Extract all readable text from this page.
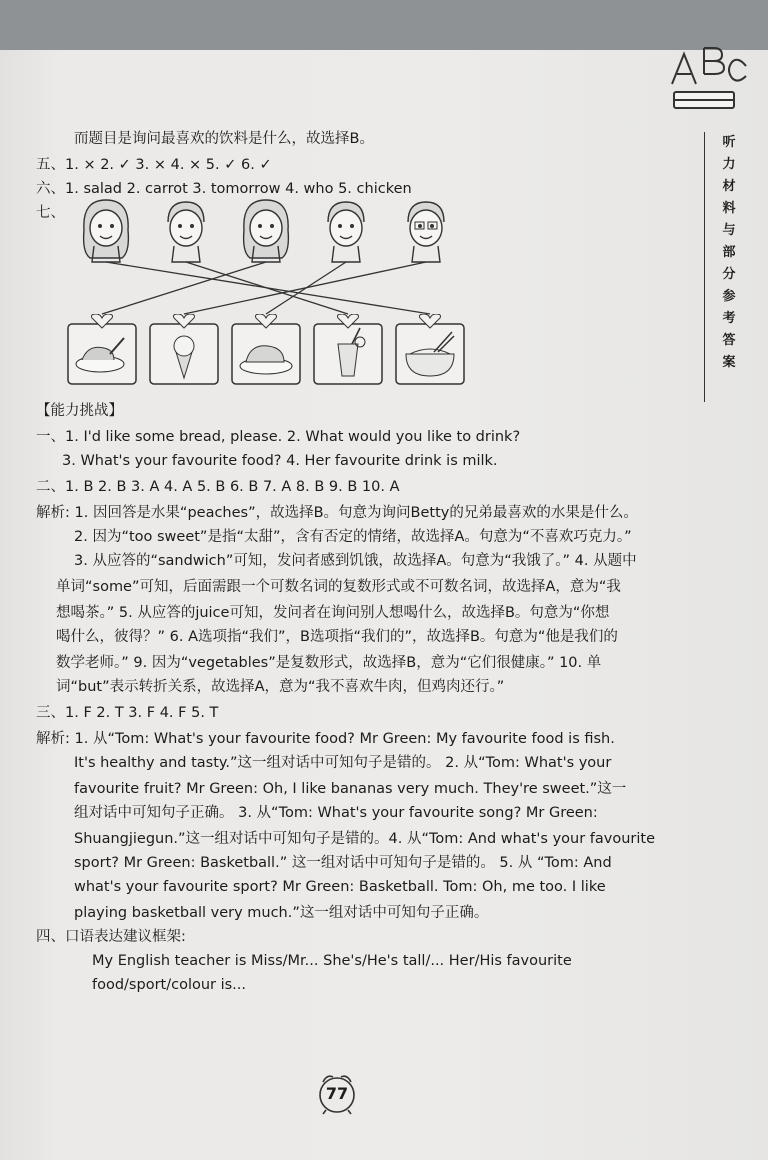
听
力
材
料
与
部
分
参
考
答
案
而题目是询问最喜欢的饮料是什么，故选择B。
五、1. × 2. ✓ 3. × 4. × 5. ✓ 6. ✓
六、1. salad 2. carrot 3. tomorrow 4. who 5. chicken
七、
【能力挑战】
一、1. I'd like some bread, please. 2. What would you like to drink?
3. What's your favourite food? 4. Her favourite drink is milk.
二、1. B 2. B 3. A 4. A 5. B 6. B 7. A 8. B 9. B 10. A
解析: 1. 因回答是水果“peaches”，故选择B。句意为询问Betty的兄弟最喜欢的水果是什么。
2. 因为“too sweet”是指“太甜”，含有否定的情绪，故选择A。句意为“不喜欢巧克力。”
3. 从应答的“sandwich”可知，发问者感到饥饿，故选择A。句意为“我饿了。” 4. 从题中
单词“some”可知，后面需跟一个可数名词的复数形式或不可数名词，故选择A，意为“我
想喝茶。” 5. 从应答的juice可知，发问者在询问别人想喝什么，故选择B。句意为“你想
喝什么，彼得？” 6. A选项指“我们”，B选项指“我们的”，故选择B。句意为“他是我们的
数学老师。” 9. 因为“vegetables”是复数形式，故选择B，意为“它们很健康。” 10. 单
词“but”表示转折关系，故选择A，意为“我不喜欢牛肉，但鸡肉还行。”
三、1. F 2. T 3. F 4. F 5. T
解析: 1. 从“Tom: What's your favourite food? Mr Green: My favourite food is fish.
It's healthy and tasty.”这一组对话中可知句子是错的。 2. 从“Tom: What's your
favourite fruit? Mr Green: Oh, I like bananas very much. They're sweet.”这一
组对话中可知句子正确。 3. 从“Tom: What's your favourite song? Mr Green:
Shuangjiegun.”这一组对话中可知句子是错的。4. 从“Tom: And what's your favourite
sport? Mr Green: Basketball.” 这一组对话中可知句子是错的。 5. 从 “Tom: And
what's your favourite sport? Mr Green: Basketball. Tom: Oh, me too. I like
playing basketball very much.”这一组对话中可知句子正确。
四、口语表达建议框架:
My English teacher is Miss/Mr... She's/He's tall/... Her/His favourite
food/sport/colour is...
77
